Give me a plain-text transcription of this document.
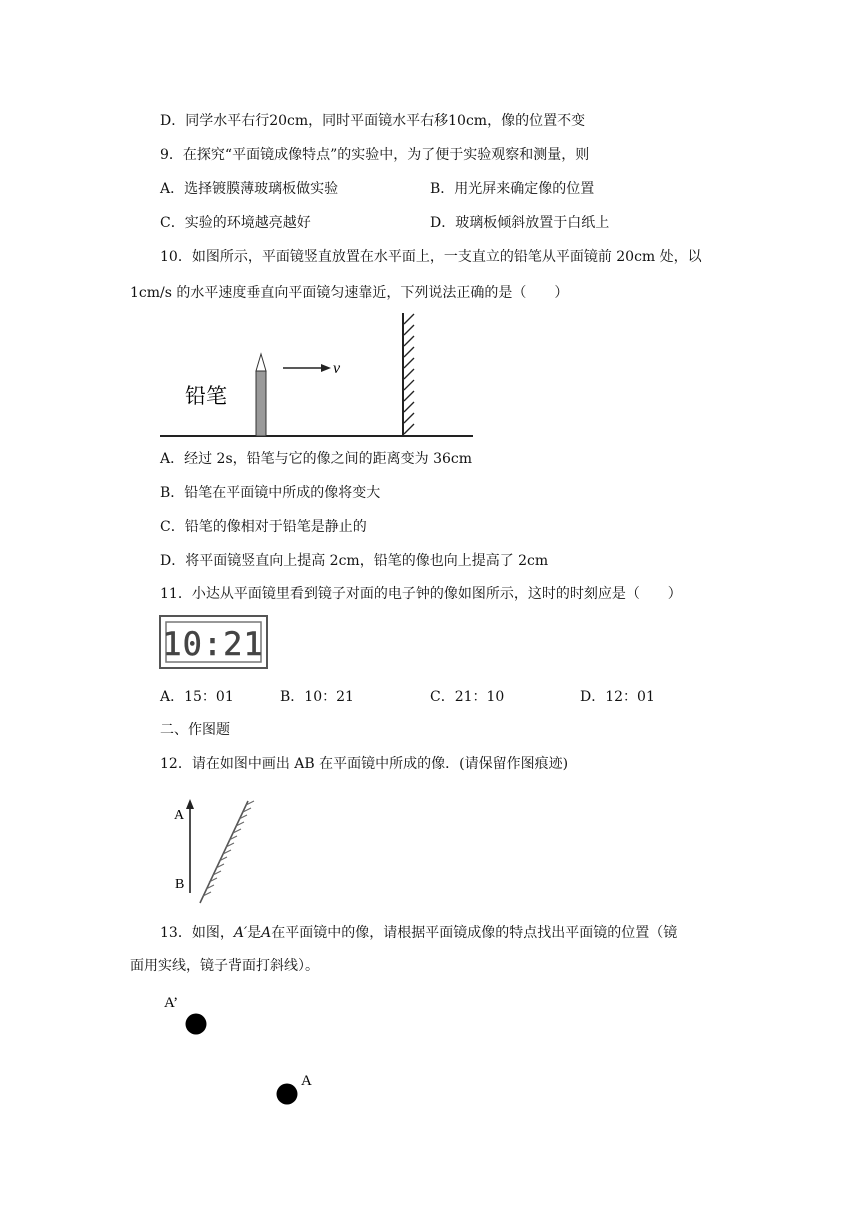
D．同学水平右行20cm，同时平面镜水平右移10cm，像的位置不变
9．在探究“平面镜成像特点”的实验中，为了便于实验观察和测量，则
A．选择镀膜薄玻璃板做实验	B．用光屏来确定像的位置
C．实验的环境越亮越好	D．玻璃板倾斜放置于白纸上
10．如图所示，平面镜竖直放置在水平面上，一支直立的铅笔从平面镜前 20cm 处，以
1cm/s 的水平速度垂直向平面镜匀速靠近，下列说法正确的是（　　）
v
铅笔
A．经过 2s，铅笔与它的像之间的距离变为 36cm
B．铅笔在平面镜中所成的像将变大
C．铅笔的像相对于铅笔是静止的
D．将平面镜竖直向上提高 2cm，铅笔的像也向上提高了 2cm
11．小达从平面镜里看到镜子对面的电子钟的像如图所示，这时的时刻应是（　　）
10:21
A．15：01	B．10：21	C．21：10	D．12：01
二、作图题
12．请在如图中画出 AB 在平面镜中所成的像．(请保留作图痕迹)
A
B
13．如图，A′是A在平面镜中的像，请根据平面镜成像的特点找出平面镜的位置（镜
面用实线，镜子背面打斜线）。
A’
A
